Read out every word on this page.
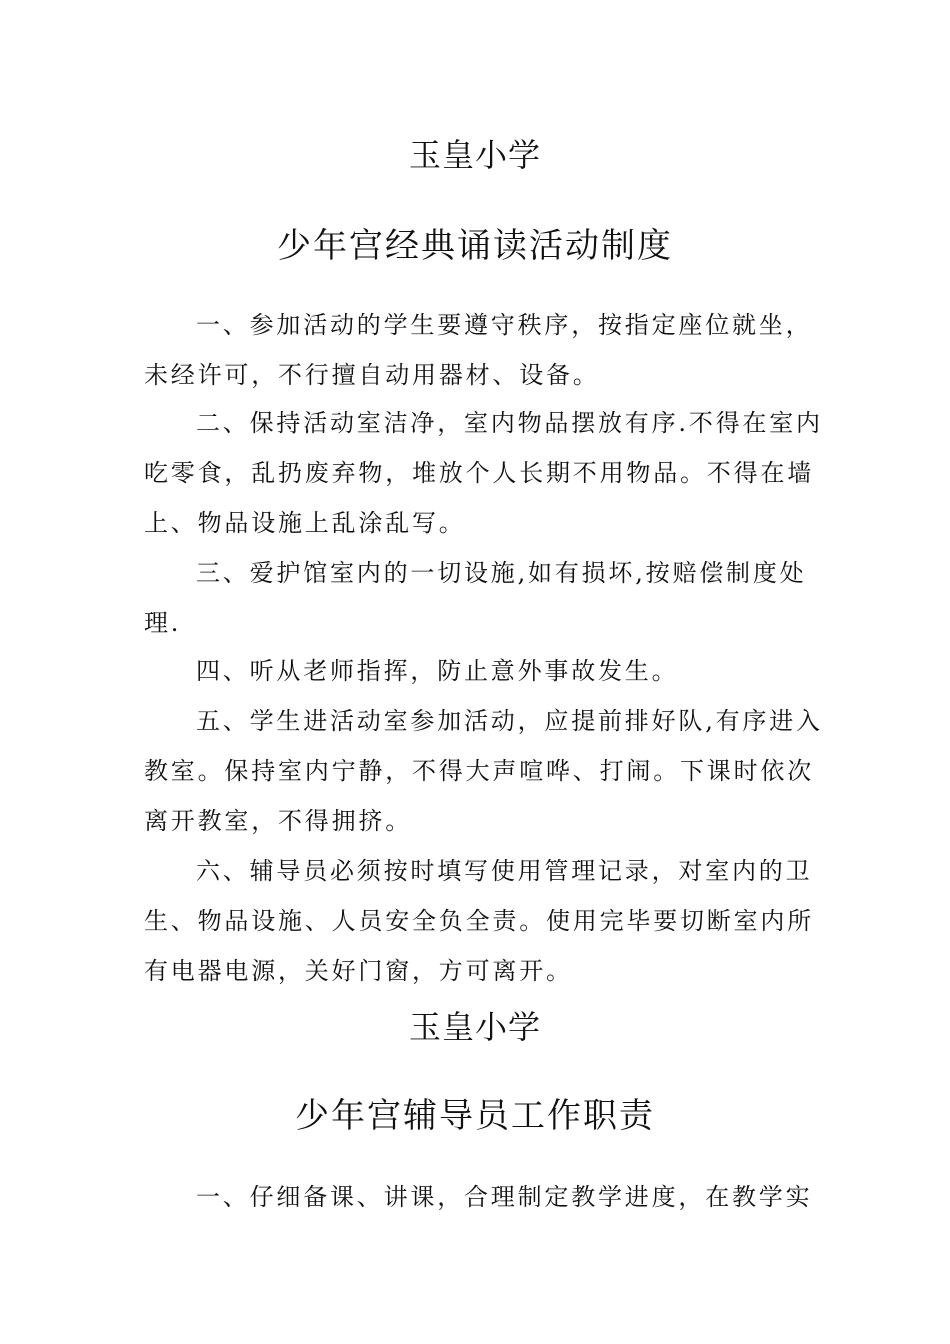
玉皇小学
少年宫经典诵读活动制度
一、参加活动的学生要遵守秩序，按指定座位就坐，
未经许可，不行擅自动用器材、设备。
二、保持活动室洁净，室内物品摆放有序.不得在室内
吃零食，乱扔废弃物，堆放个人长期不用物品。不得在墙
上、物品设施上乱涂乱写。
三、爱护馆室内的一切设施,如有损坏,按赔偿制度处
理.
四、听从老师指挥，防止意外事故发生。
五、学生进活动室参加活动，应提前排好队,有序进入
教室。保持室内宁静，不得大声喧哗、打闹。下课时依次
离开教室，不得拥挤。
六、辅导员必须按时填写使用管理记录，对室内的卫
生、物品设施、人员安全负全责。使用完毕要切断室内所
有电器电源，关好门窗，方可离开。
玉皇小学
少年宫辅导员工作职责
一、仔细备课、讲课，合理制定教学进度，在教学实
